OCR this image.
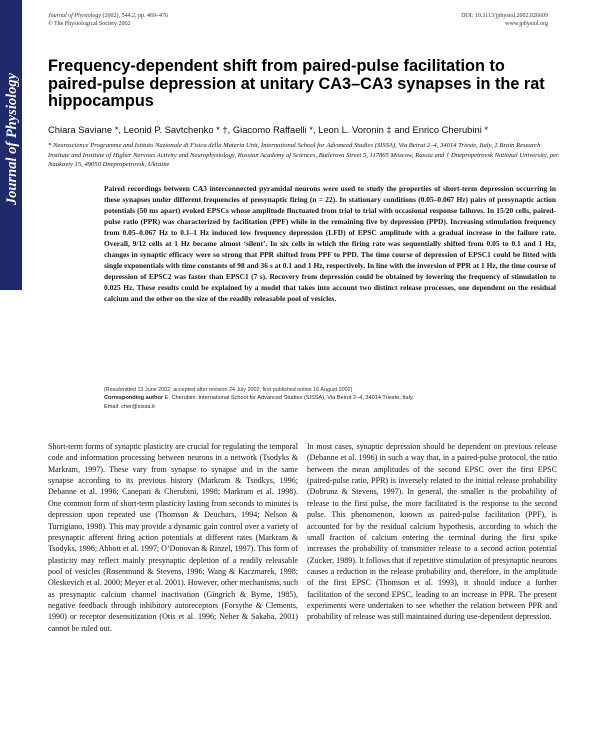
Journal of Physiology
Journal of Physiology (2002), 544.2, pp. 469–476
© The Physiological Society 2002
DOI: 10.1113/jphysiol.2002.026609
www.jphysiol.org
Frequency-dependent shift from paired-pulse facilitation to paired-pulse depression at unitary CA3–CA3 synapses in the rat hippocampus
Chiara Saviane *, Leonid P. Savtchenko * †, Giacomo Raffaelli *, Leon L. Voronin ‡ and Enrico Cherubini *
* Neuroscience Programme and Istituto Nazionale di Fisica della Materia Unit, International School for Advanced Studies (SISSA), Via Beirut 2–4, 34014 Trieste, Italy, ‡ Brain Research Institute and Institute of Higher Nervous Activity and Neurophysiology, Russian Academy of Sciences, Butlerova Street 5, 117865 Moscow, Russia and † Dnepropetrovsk National University, per. Naukoviy 15, 49050 Dnepropetrovsk, Ukraine

Paired recordings between CA3 interconnected pyramidal neurons were used to study the properties of short-term depression occurring in these synapses under different frequencies of presynaptic firing (n = 22). In stationary conditions (0.05–0.067 Hz) pairs of presynaptic action potentials (50 ms apart) evoked EPSCs whose amplitude fluctuated from trial to trial with occasional response failures. In 15/20 cells, paired-pulse ratio (PPR) was characterized by facilitation (PPF) while in the remaining five by depression (PPD). Increasing stimulation frequency from 0.05–0.067 Hz to 0.1–1 Hz induced low frequency depression (LFD) of EPSC amplitude with a gradual increase in the failure rate. Overall, 9/12 cells at 1 Hz became almost ‘silent’. In six cells in which the firing rate was sequentially shifted from 0.05 to 0.1 and 1 Hz, changes in synaptic efficacy were so strong that PPR shifted from PPF to PPD. The time course of depression of EPSC1 could be fitted with single exponentials with time constants of 98 and 36 s at 0.1 and 1 Hz, respectively. In line with the inversion of PPR at 1 Hz, the time course of depression of EPSC2 was faster than EPSC1 (7 s). Recovery from depression could be obtained by lowering the frequency of stimulation to 0.025 Hz. These results could be explained by a model that takes into account two distinct release processes, one dependent on the residual calcium and the other on the size of the readily releasable pool of vesicles.

(Resubmitted 13 June 2002; accepted after revision 24 July 2002; first published online 16 August 2002)
Corresponding author E. Cherubini: International School for Advanced Studies (SISSA), Via Beirut 2–4, 34014 Trieste, Italy.
Email: cher@sissa.it

Short-term forms of synaptic plasticity are crucial for regulating the temporal code and information processing between neurons in a network (Tsodyks & Markram, 1997). These vary from synapse to synapse and in the same synapse according to its previous history (Markram & Tsodkys, 1996; Debanne et al. 1996; Canepari & Cherubini, 1998; Markram et al. 1998). One common form of short-term plasticity lasting from seconds to minutes is depression upon repeated use (Thomson & Deuchars, 1994; Nelson & Turrigiano, 1998). This may provide a dynamic gain control over a variety of presynaptic afferent firing action potentials at different rates (Markram & Tsodyks, 1996; Abbott et al. 1997; O’Donovan & Rinzel, 1997). This form of plasticity may reflect mainly presynaptic depletion of a readily releasable pool of vesicles (Rosenmund & Stevens, 1996; Wang & Kaczmarek, 1998; Oleskevich et al. 2000; Meyer et al. 2001). However, other mechanisms, such as presynaptic calcium channel inactivation (Gingrich & Byrne, 1985), negative feedback through inhibitory autoreceptors (Forsythe & Clements, 1990) or receptor desensitization (Otis et al. 1996; Neher & Sakaba, 2001) cannot be ruled out.

In most cases, synaptic depression should be dependent on previous release (Debanne et al. 1996) in such a way that, in a paired-pulse protocol, the ratio between the mean amplitudes of the second EPSC over the first EPSC (paired-pulse ratio, PPR) is inversely related to the initial release probability (Dobrunz & Stevens, 1997). In general, the smaller is the probability of release to the first pulse, the more facilitated is the response to the second pulse. This phenomenon, known as paired-pulse facilitation (PPF), is accounted for by the residual calcium hypothesis, according to which the small fraction of calcium entering the terminal during the first spike increases the probability of transmitter release to a second action potential (Zucker, 1989). It follows that if repetitive stimulation of presynaptic neurons causes a reduction in the release probability and, therefore, in the amplitude of the first EPSC (Thomson et al. 1993), it should induce a further facilitation of the second EPSC, leading to an increase in PPR. The present experiments were undertaken to see whether the relation between PPR and probability of release was still maintained during use-dependent depression.
